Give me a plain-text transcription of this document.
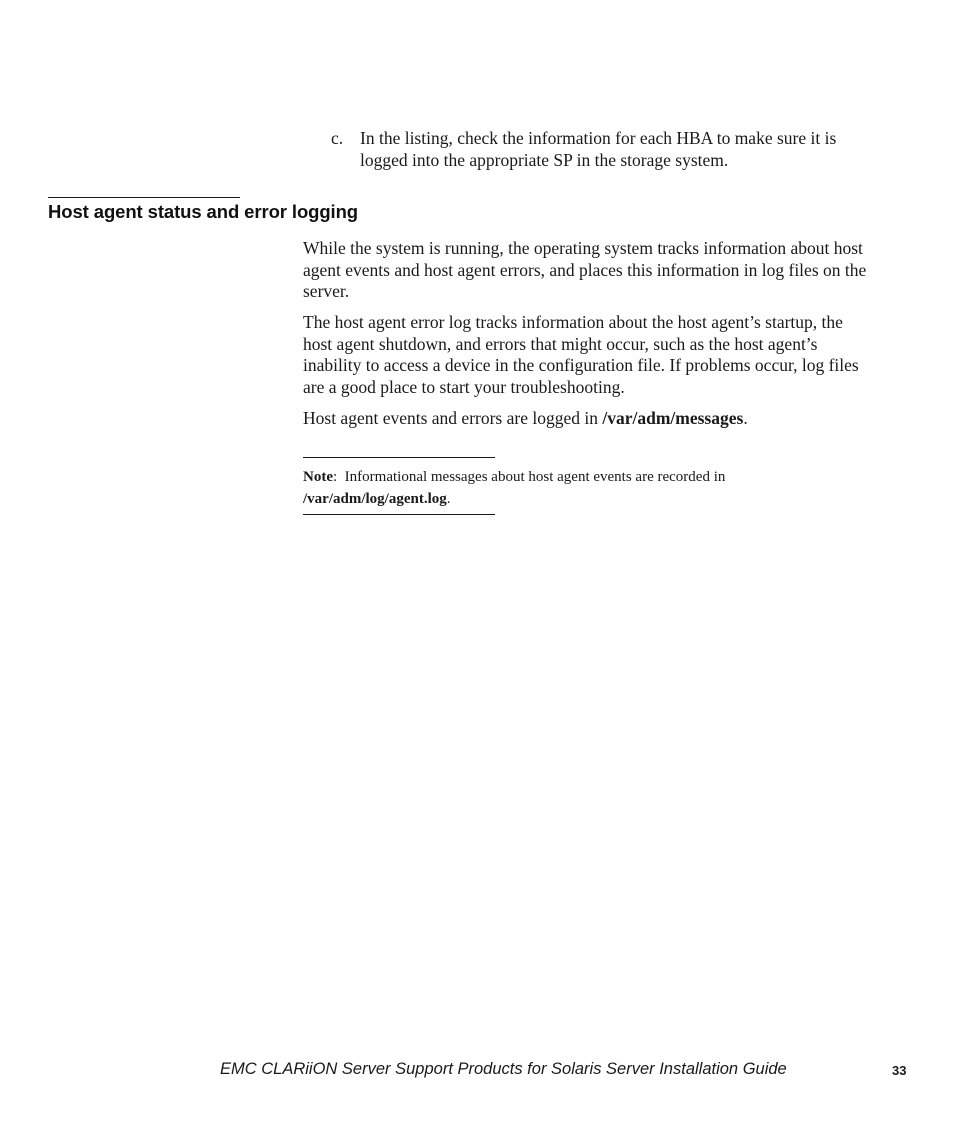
c. In the listing, check the information for each HBA to make sure it is logged into the appropriate SP in the storage system.
Host agent status and error logging

While the system is running, the operating system tracks information about host agent events and host agent errors, and places this information in log files on the server.

The host agent error log tracks information about the host agent’s startup, the host agent shutdown, and errors that might occur, such as the host agent’s inability to access a device in the configuration file. If problems occur, log files are a good place to start your troubleshooting.

Host agent events and errors are logged in /var/adm/messages.

Note:  Informational messages about host agent events are recorded in
/var/adm/log/agent.log.
EMC CLARiiON Server Support Products for Solaris Server Installation Guide	33
